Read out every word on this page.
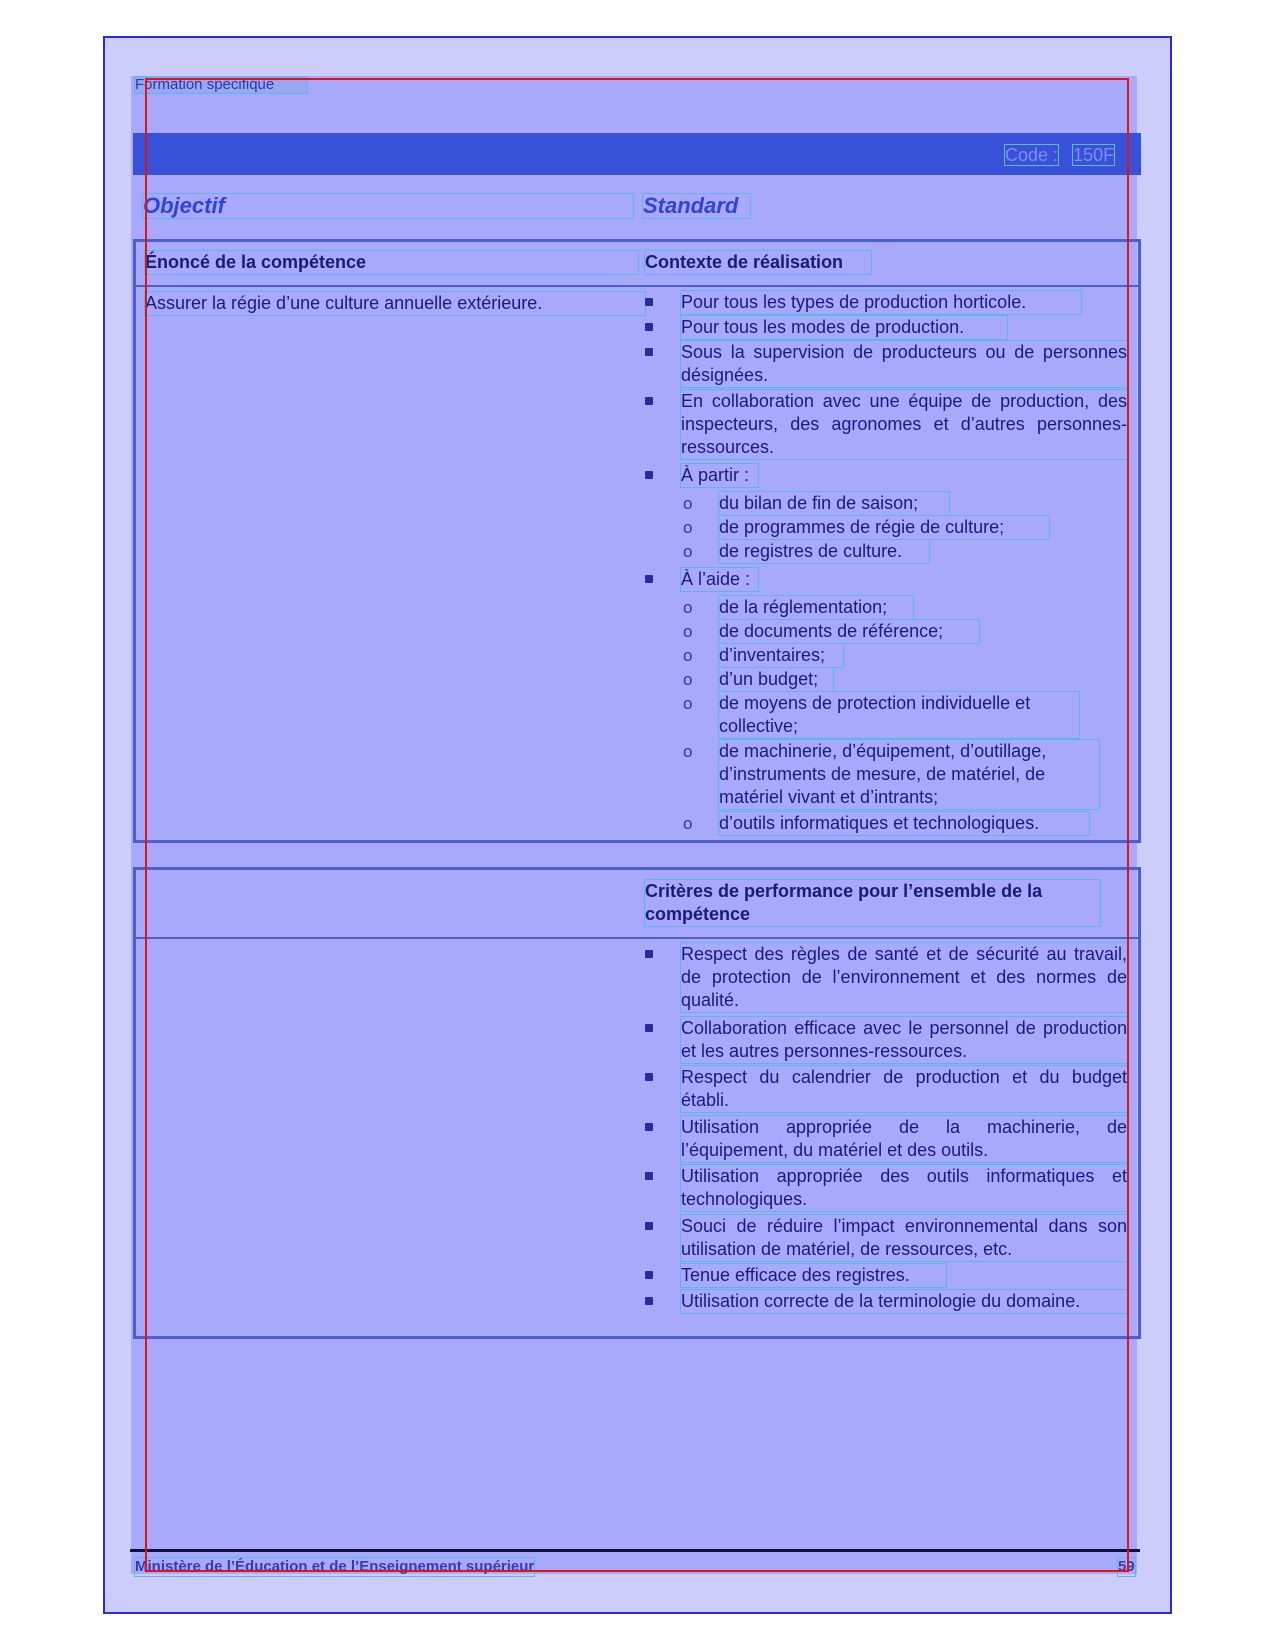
Formation spécifique
Code : 150F
Objectif	Standard
Énoncé de la compétence	Contexte de réalisation
Assurer la régie d’une culture annuelle extérieure.	Pour tous les types de production horticole.
Pour tous les modes de production.
Sous la supervision de producteurs ou de personnes désignées.
En collaboration avec une équipe de production, des inspecteurs, des agronomes et d’autres personnes-ressources.
À partir :
o du bilan de fin de saison;
o de programmes de régie de culture;
o de registres de culture.
À l’aide :
o de la réglementation;
o de documents de référence;
o d’inventaires;
o d’un budget;
o de moyens de protection individuelle et collective;
o de machinerie, d’équipement, d’outillage, d’instruments de mesure, de matériel, de matériel vivant et d’intrants;
o d’outils informatiques et technologiques.
Critères de performance pour l’ensemble de la compétence
Respect des règles de santé et de sécurité au travail, de protection de l’environnement et des normes de qualité.
Collaboration efficace avec le personnel de production et les autres personnes-ressources.
Respect du calendrier de production et du budget établi.
Utilisation appropriée de la machinerie, de l’équipement, du matériel et des outils.
Utilisation appropriée des outils informatiques et technologiques.
Souci de réduire l’impact environnemental dans son utilisation de matériel, de ressources, etc.
Tenue efficace des registres.
Utilisation correcte de la terminologie du domaine.
Ministère de l’Éducation et de l’Enseignement supérieur	59
